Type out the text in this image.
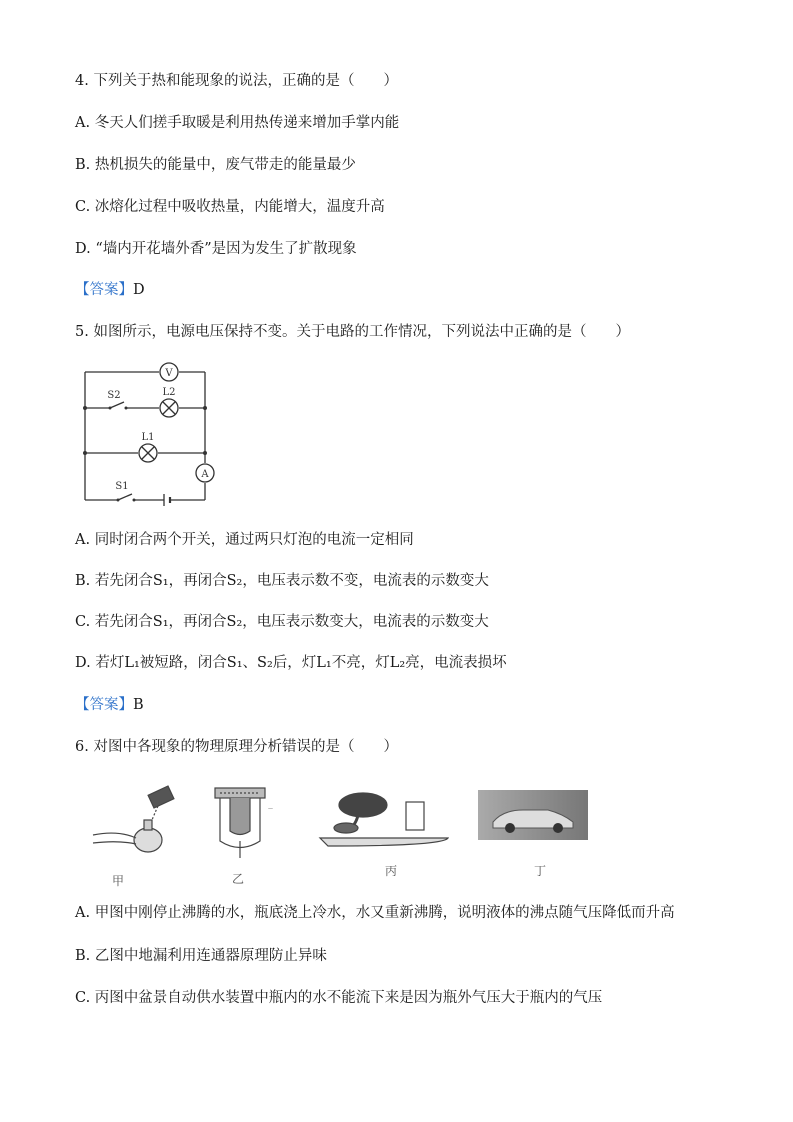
4. 下列关于热和能现象的说法，正确的是（　　）
A. 冬天人们搓手取暖是利用热传递来增加手掌内能
B. 热机损失的能量中，废气带走的能量最少
C. 冰熔化过程中吸收热量，内能增大，温度升高
D. “墙内开花墙外香”是因为发生了扩散现象
【答案】D
5. 如图所示，电源电压保持不变。关于电路的工作情况，下列说法中正确的是（　　）
V
A
S2	L2
L1
S1
A. 同时闭合两个开关，通过两只灯泡的电流一定相同
B. 若先闭合S₁，再闭合S₂，电压表示数不变，电流表的示数变大
C. 若先闭合S₁，再闭合S₂，电压表示数变大，电流表的示数变大
D. 若灯L₁被短路，闭合S₁、S₂后，灯L₁不亮，灯L₂亮，电流表损坏
【答案】B
6. 对图中各现象的物理原理分析错误的是（　　）
甲
—
乙
丙	丁
A. 甲图中刚停止沸腾的水，瓶底浇上冷水，水又重新沸腾，说明液体的沸点随气压降低而升高
B. 乙图中地漏利用连通器原理防止异味
C. 丙图中盆景自动供水装置中瓶内的水不能流下来是因为瓶外气压大于瓶内的气压
